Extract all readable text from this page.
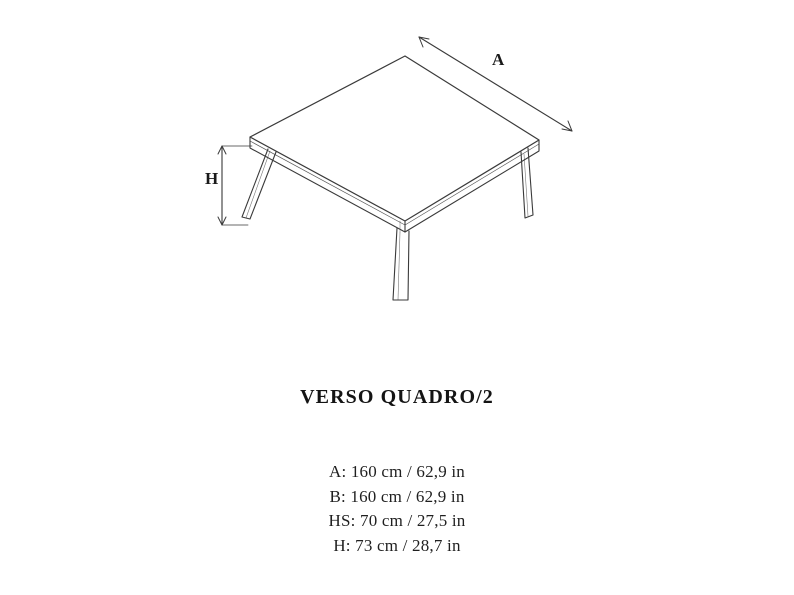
A
H
VERSO QUADRO/2
A: 160 cm / 62,9 in
B: 160 cm / 62,9 in
HS: 70 cm / 27,5 in
H: 73 cm / 28,7 in
